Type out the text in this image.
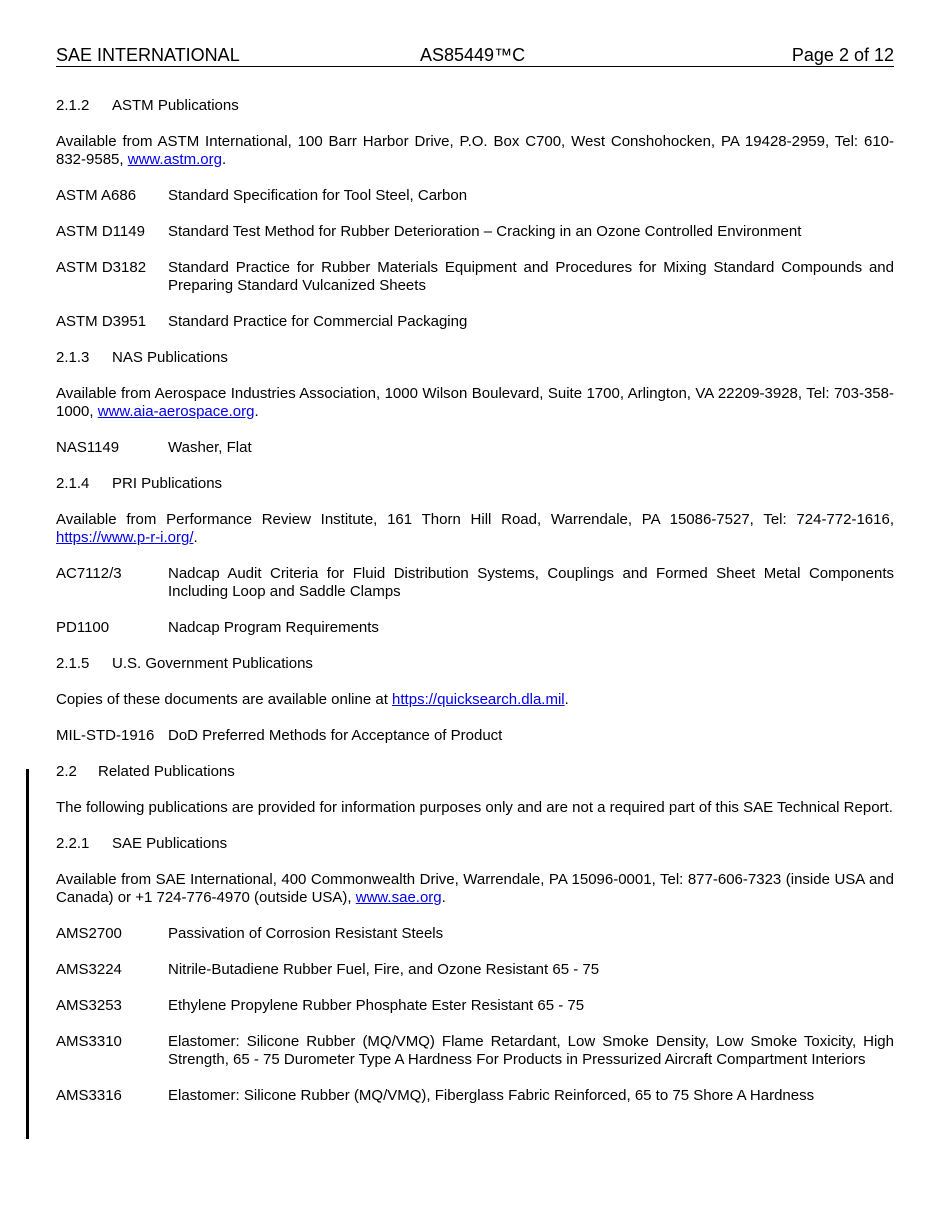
SAE INTERNATIONAL	AS85449™C	Page 2 of 12
2.1.2 ASTM Publications
Available from ASTM International, 100 Barr Harbor Drive, P.O. Box C700, West Conshohocken, PA 19428-2959, Tel: 610-832-9585, www.astm.org.
ASTM A686	Standard Specification for Tool Steel, Carbon
ASTM D1149	Standard Test Method for Rubber Deterioration – Cracking in an Ozone Controlled Environment
ASTM D3182	Standard Practice for Rubber Materials Equipment and Procedures for Mixing Standard Compounds and Preparing Standard Vulcanized Sheets
ASTM D3951	Standard Practice for Commercial Packaging
2.1.3 NAS Publications
Available from Aerospace Industries Association, 1000 Wilson Boulevard, Suite 1700, Arlington, VA 22209-3928, Tel: 703-358-1000, www.aia-aerospace.org.
NAS1149	Washer, Flat
2.1.4 PRI Publications
Available from Performance Review Institute, 161 Thorn Hill Road, Warrendale, PA 15086-7527, Tel: 724-772-1616, https://www.p-r-i.org/.
AC7112/3	Nadcap Audit Criteria for Fluid Distribution Systems, Couplings and Formed Sheet Metal Components Including Loop and Saddle Clamps
PD1100	Nadcap Program Requirements
2.1.5 U.S. Government Publications
Copies of these documents are available online at https://quicksearch.dla.mil.
MIL-STD-1916 DoD Preferred Methods for Acceptance of Product
2.2 Related Publications
The following publications are provided for information purposes only and are not a required part of this SAE Technical Report.
2.2.1 SAE Publications
Available from SAE International, 400 Commonwealth Drive, Warrendale, PA 15096-0001, Tel: 877-606-7323 (inside USA and Canada) or +1 724-776-4970 (outside USA), www.sae.org.
AMS2700	Passivation of Corrosion Resistant Steels
AMS3224	Nitrile-Butadiene Rubber Fuel, Fire, and Ozone Resistant 65 - 75
AMS3253	Ethylene Propylene Rubber Phosphate Ester Resistant 65 - 75
AMS3310	Elastomer: Silicone Rubber (MQ/VMQ) Flame Retardant, Low Smoke Density, Low Smoke Toxicity, High Strength, 65 - 75 Durometer Type A Hardness For Products in Pressurized Aircraft Compartment Interiors
AMS3316	Elastomer: Silicone Rubber (MQ/VMQ), Fiberglass Fabric Reinforced, 65 to 75 Shore A Hardness
